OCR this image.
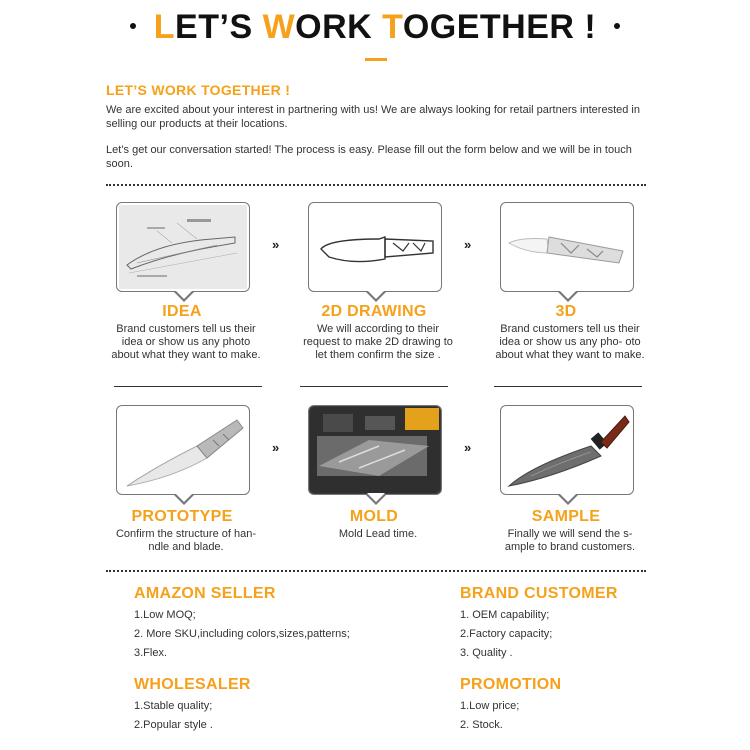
LET’S WORK TOGETHER !
LET’S WORK TOGETHER !
We are excited about your interest in partnering with us! We are always looking for retail partners interested in selling our products at their locations.
Let’s get our conversation started! The process is easy. Please fill out the form below and we will be in touch soon.
»	»
IDEA	2D DRAWING	3D
Brand customers tell us their idea or show us any photo about what they want to make.
We will according to their request to make 2D drawing to let them confirm the size .
Brand customers tell us their idea or show us any pho- oto about what they want to make.
»	»
PROTOTYPE	MOLD	SAMPLE
Confirm the structure of han- ndle and blade.
Mold Lead time.	Finally we will send the s- ample to brand customers.
AMAZON SELLER
1.Low MOQ;
2. More SKU,including colors,sizes,patterns;
3.Flex.
BRAND CUSTOMER
1. OEM capability;
2.Factory capacity;
3. Quality .
WHOLESALER
1.Stable quality;
2.Popular style .
PROMOTION
1.Low price;
2. Stock.
